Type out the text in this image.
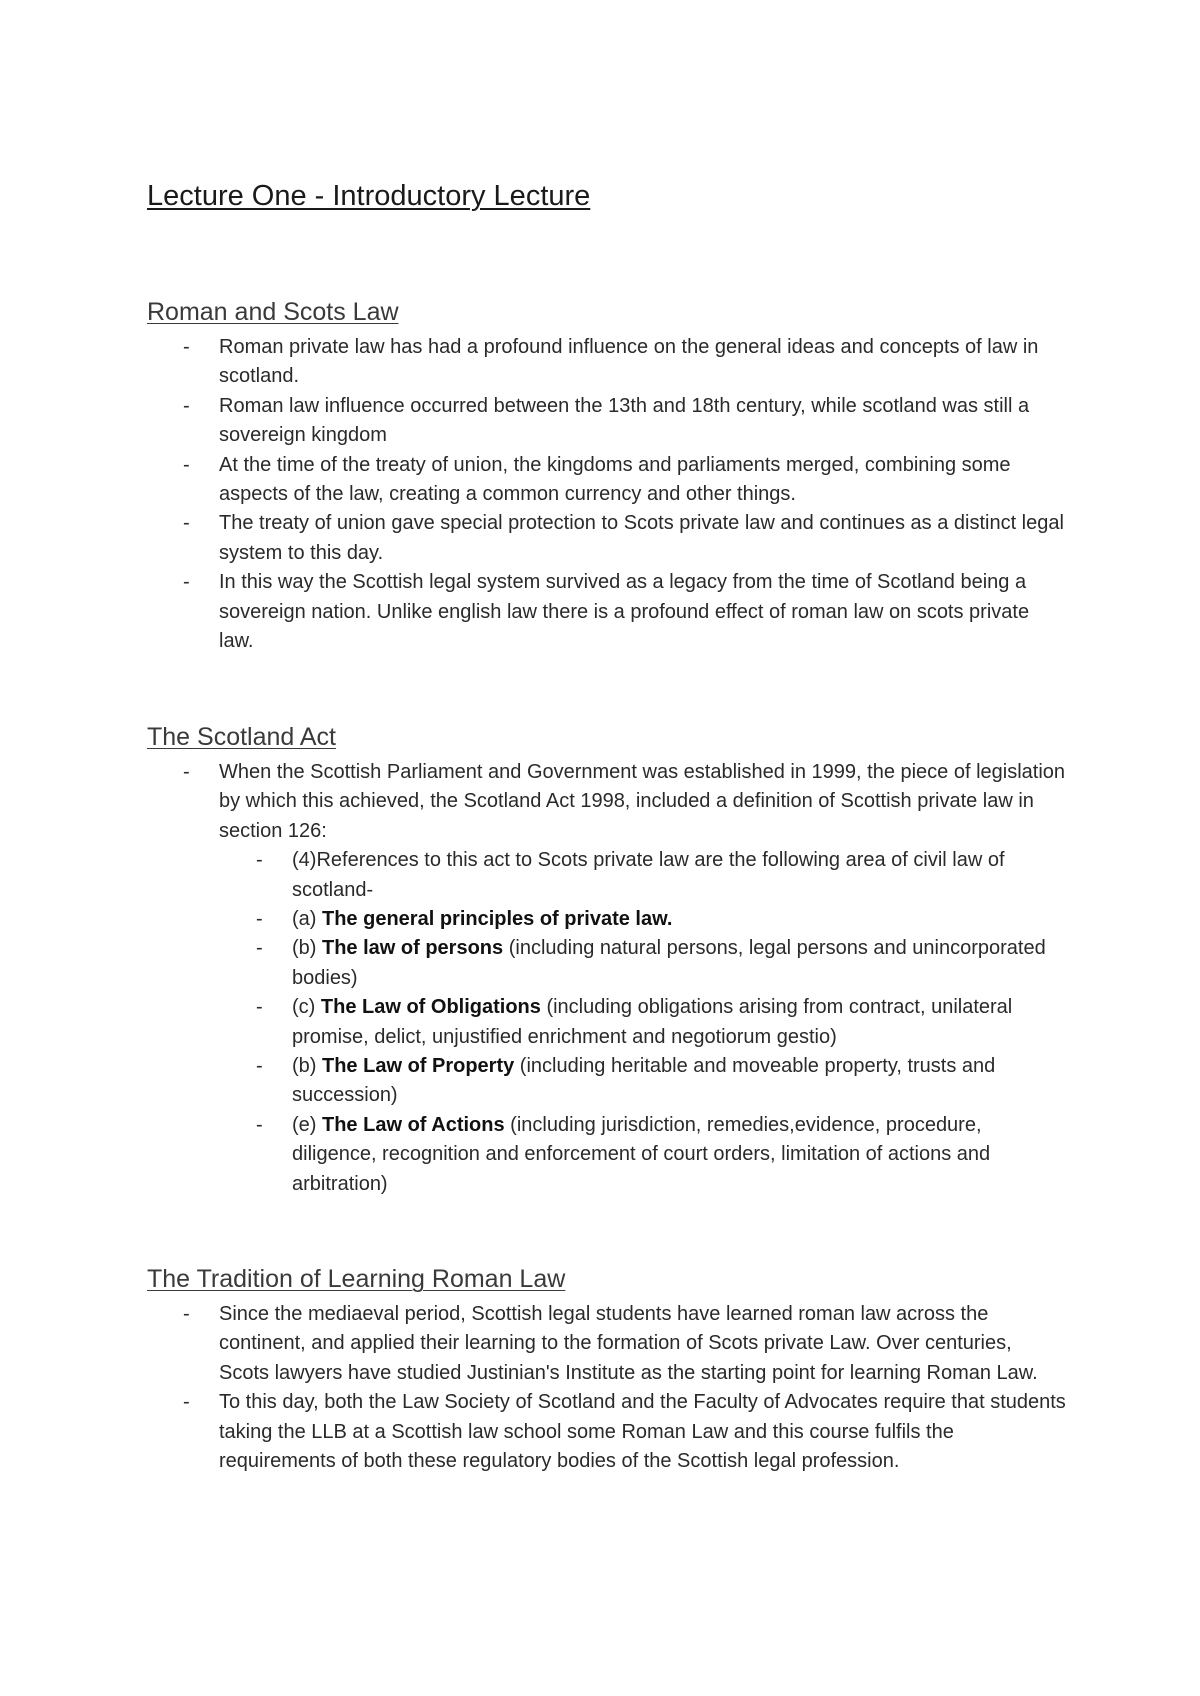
Lecture One - Introductory Lecture
Roman and Scots Law
- Roman private law has had a profound influence on the general ideas and concepts of law in scotland.
- Roman law influence occurred between the 13th and 18th century, while scotland was still a sovereign kingdom
- At the time of the treaty of union, the kingdoms and parliaments merged, combining some aspects of the law, creating a common currency and other things.
- The treaty of union gave special protection to Scots private law and continues as a distinct legal system to this day.
- In this way the Scottish legal system survived as a legacy from the time of Scotland being a sovereign nation. Unlike english law there is a profound effect of roman law on scots private law.
The Scotland Act
- When the Scottish Parliament and Government was established in 1999, the piece of legislation by which this achieved, the Scotland Act 1998, included a definition of Scottish private law in section 126:
- (4)References to this act to Scots private law are the following area of civil law of scotland-
- (a) The general principles of private law.
- (b) The law of persons (including natural persons, legal persons and unincorporated bodies)
- (c) The Law of Obligations (including obligations arising from contract, unilateral promise, delict, unjustified enrichment and negotiorum gestio)
- (b) The Law of Property (including heritable and moveable property, trusts and succession)
- (e) The Law of Actions (including jurisdiction, remedies,evidence, procedure, diligence, recognition and enforcement of court orders, limitation of actions and arbitration)
The Tradition of Learning Roman Law
- Since the mediaeval period, Scottish legal students have learned roman law across the continent, and applied their learning to the formation of Scots private Law. Over centuries, Scots lawyers have studied Justinian's Institute as the starting point for learning Roman Law.
- To this day, both the Law Society of Scotland and the Faculty of Advocates require that students taking the LLB at a Scottish law school some Roman Law and this course fulfils the requirements of both these regulatory bodies of the Scottish legal profession.
